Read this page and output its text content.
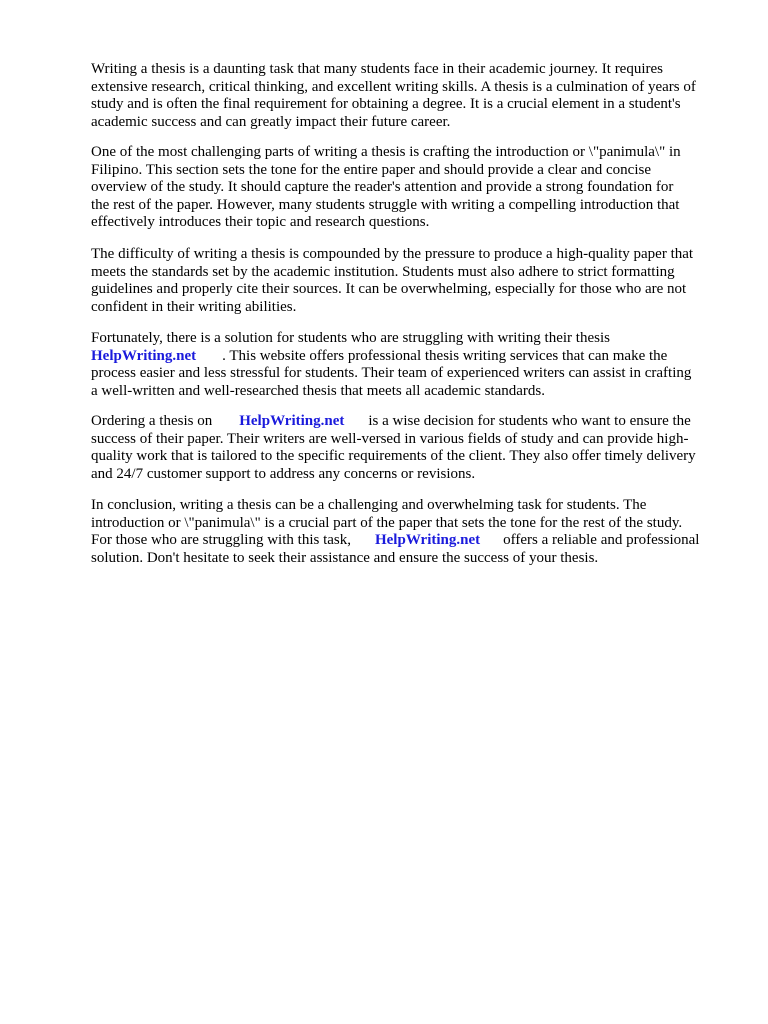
Writing a thesis is a daunting task that many students face in their academic journey. It requires
extensive research, critical thinking, and excellent writing skills. A thesis is a culmination of years of
study and is often the final requirement for obtaining a degree. It is a crucial element in a student's
academic success and can greatly impact their future career.
One of the most challenging parts of writing a thesis is crafting the introduction or \"panimula\" in
Filipino. This section sets the tone for the entire paper and should provide a clear and concise
overview of the study. It should capture the reader's attention and provide a strong foundation for
the rest of the paper. However, many students struggle with writing a compelling introduction that
effectively introduces their topic and research questions.
The difficulty of writing a thesis is compounded by the pressure to produce a high-quality paper that
meets the standards set by the academic institution. Students must also adhere to strict formatting
guidelines and properly cite their sources. It can be overwhelming, especially for those who are not
confident in their writing abilities.
Fortunately, there is a solution for students who are struggling with writing their thesis
HelpWriting.net . This website offers professional thesis writing services that can make the
process easier and less stressful for students. Their team of experienced writers can assist in crafting
a well-written and well-researched thesis that meets all academic standards.
Ordering a thesis on HelpWriting.net is a wise decision for students who want to ensure the
success of their paper. Their writers are well-versed in various fields of study and can provide high-
quality work that is tailored to the specific requirements of the client. They also offer timely delivery
and 24/7 customer support to address any concerns or revisions.
In conclusion, writing a thesis can be a challenging and overwhelming task for students. The
introduction or \"panimula\" is a crucial part of the paper that sets the tone for the rest of the study.
For those who are struggling with this task, HelpWriting.net offers a reliable and professional
solution. Don't hesitate to seek their assistance and ensure the success of your thesis.
